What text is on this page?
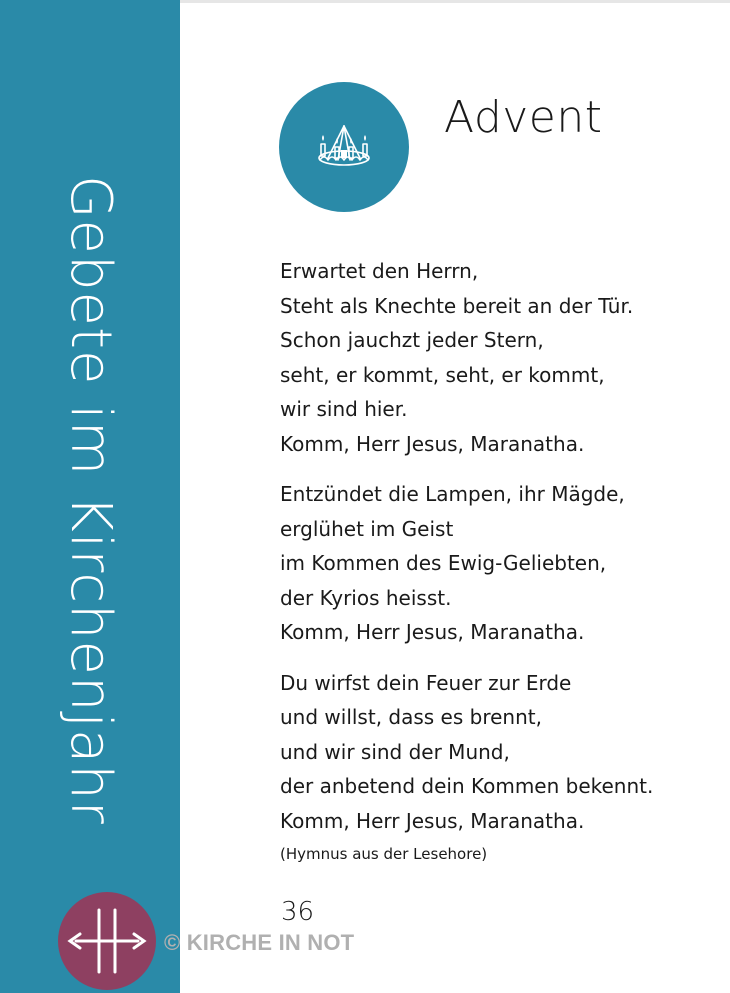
Gebete im Kirchenjahr
Advent
Erwartet den Herrn,
Steht als Knechte bereit an der Tür.
Schon jauchzt jeder Stern,
seht, er kommt, seht, er kommt,
wir sind hier.
Komm, Herr Jesus, Maranatha.
Entzündet die Lampen, ihr Mägde,
erglühet im Geist
im Kommen des Ewig-Geliebten,
der Kyrios heisst.
Komm, Herr Jesus, Maranatha.
Du wirfst dein Feuer zur Erde
und willst, dass es brennt,
und wir sind der Mund,
der anbetend dein Kommen bekennt.
Komm, Herr Jesus, Maranatha.
(Hymnus aus der Lesehore)
36
© KIRCHE IN NOT
